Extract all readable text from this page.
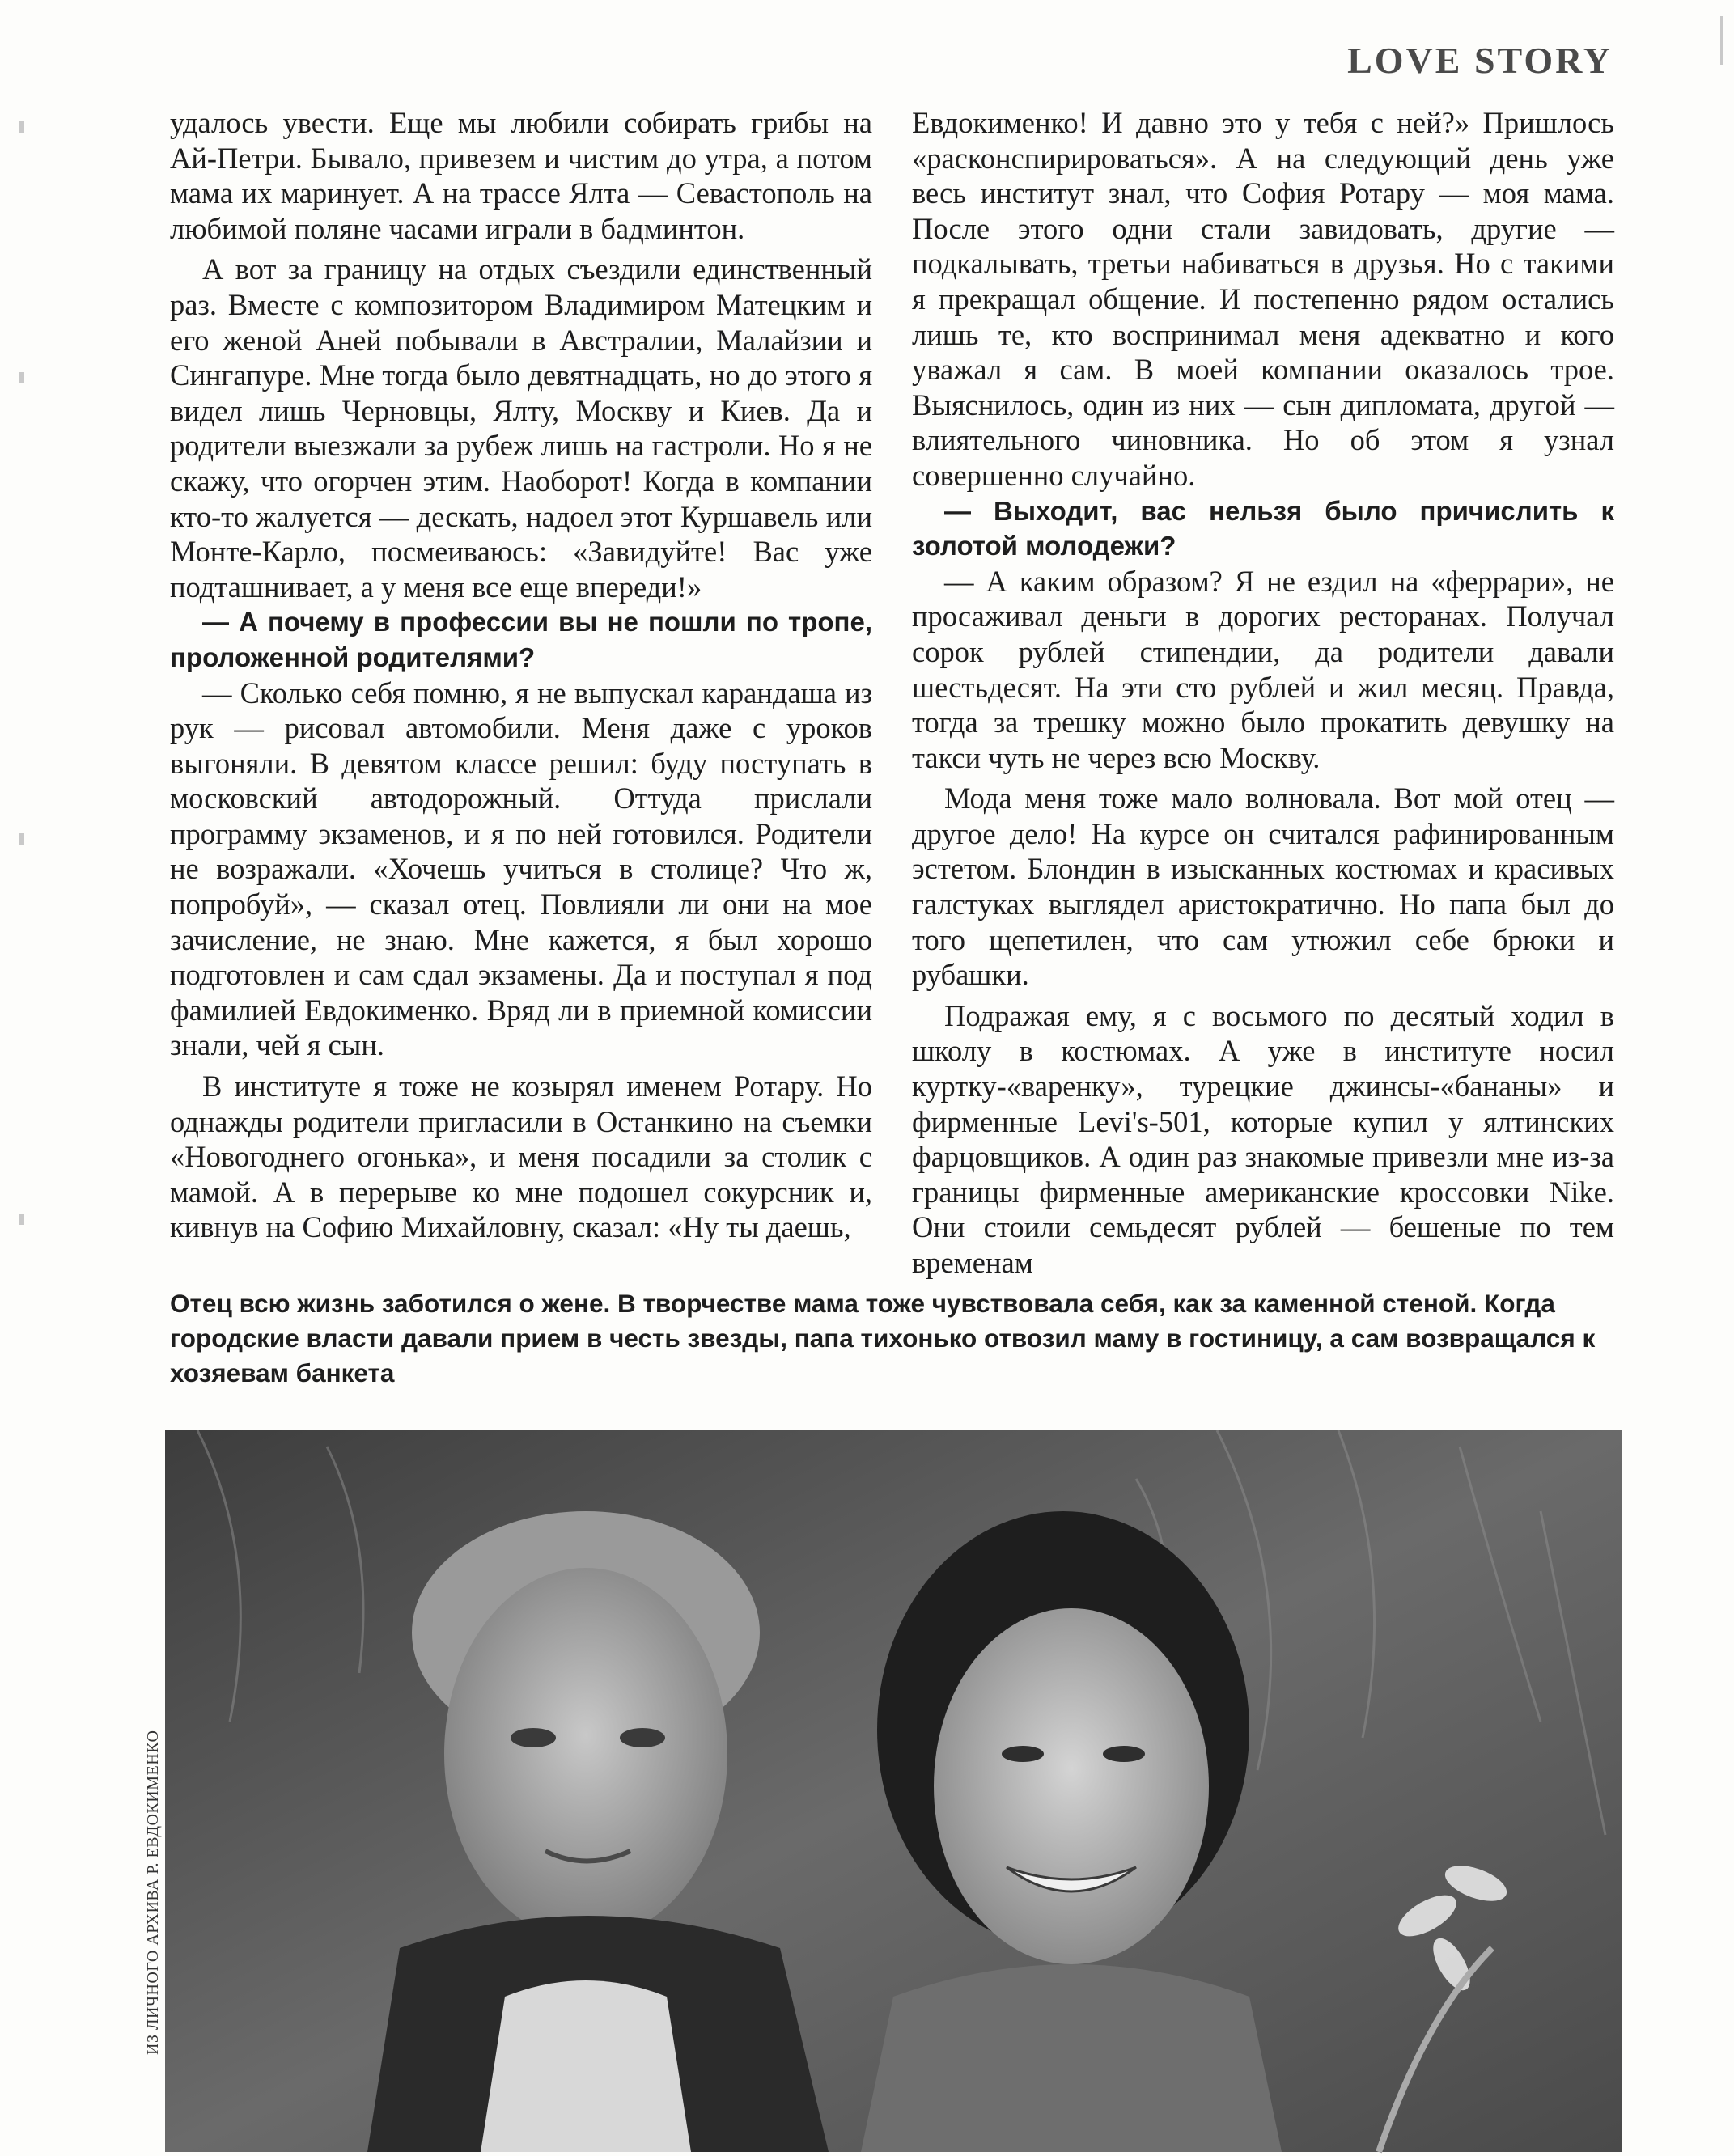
LOVE STORY

удалось увести. Еще мы любили собирать грибы на Ай-Петри. Бывало, привезем и чистим до утра, а потом мама их маринует. А на трассе Ялта — Севастополь на любимой поляне часами играли в бадминтон.

А вот за границу на отдых съездили единственный раз. Вместе с композитором Владимиром Матецким и его женой Аней побывали в Австралии, Малайзии и Сингапуре. Мне тогда было девятнадцать, но до этого я видел лишь Черновцы, Ялту, Москву и Киев. Да и родители выезжали за рубеж лишь на гастроли. Но я не скажу, что огорчен этим. Наоборот! Когда в компании кто-то жалуется — дескать, надоел этот Куршавель или Монте-Карло, посмеиваюсь: «Завидуйте! Вас уже подташнивает, а у меня все еще впереди!»

— А почему в профессии вы не пошли по тропе, проложенной родителями?

— Сколько себя помню, я не выпускал карандаша из рук — рисовал автомобили. Меня даже с уроков выгоняли. В девятом классе решил: буду поступать в московский автодорожный. Оттуда прислали программу экзаменов, и я по ней готовился. Родители не возражали. «Хочешь учиться в столице? Что ж, попробуй», — сказал отец. Повлияли ли они на мое зачисление, не знаю. Мне кажется, я был хорошо подготовлен и сам сдал экзамены. Да и поступал я под фамилией Евдокименко. Вряд ли в приемной комиссии знали, чей я сын.

В институте я тоже не козырял именем Ротару. Но однажды родители пригласили в Останкино на съемки «Новогоднего огонька», и меня посадили за столик с мамой. А в перерыве ко мне подошел сокурсник и, кивнув на Софию Михайловну, сказал: «Ну ты даешь,

Евдокименко! И давно это у тебя с ней?» Пришлось «расконспирироваться». А на следующий день уже весь институт знал, что София Ротару — моя мама. После этого одни стали завидовать, другие — подкалывать, третьи набиваться в друзья. Но с такими я прекращал общение. И постепенно рядом остались лишь те, кто воспринимал меня адекватно и кого уважал я сам. В моей компании оказалось трое. Выяснилось, один из них — сын дипломата, другой — влиятельного чиновника. Но об этом я узнал совершенно случайно.

— Выходит, вас нельзя было причислить к золотой молодежи?

— А каким образом? Я не ездил на «феррари», не просаживал деньги в дорогих ресторанах. Получал сорок рублей стипендии, да родители давали шестьдесят. На эти сто рублей и жил месяц. Правда, тогда за трешку можно было прокатить девушку на такси чуть не через всю Москву.

Мода меня тоже мало волновала. Вот мой отец — другое дело! На курсе он считался рафинированным эстетом. Блондин в изысканных костюмах и красивых галстуках выглядел аристократично. Но папа был до того щепетилен, что сам утюжил себе брюки и рубашки.

Подражая ему, я с восьмого по десятый ходил в школу в костюмах. А уже в институте носил куртку-«варенку», турецкие джинсы-«бананы» и фирменные Levi's-501, которые купил у ялтинских фарцовщиков. А один раз знакомые привезли мне из-за границы фирменные американские кроссовки Nike. Они стоили семьдесят рублей — бешеные по тем временам

Отец всю жизнь заботился о жене. В творчестве мама тоже чувствовала себя, как за каменной стеной. Когда городские власти давали прием в честь звезды, папа тихонько отвозил маму в гостиницу, а сам возвращался к хозяевам банкета
ИЗ ЛИЧНОГО АРХИВА Р. ЕВДОКИМЕНКО
